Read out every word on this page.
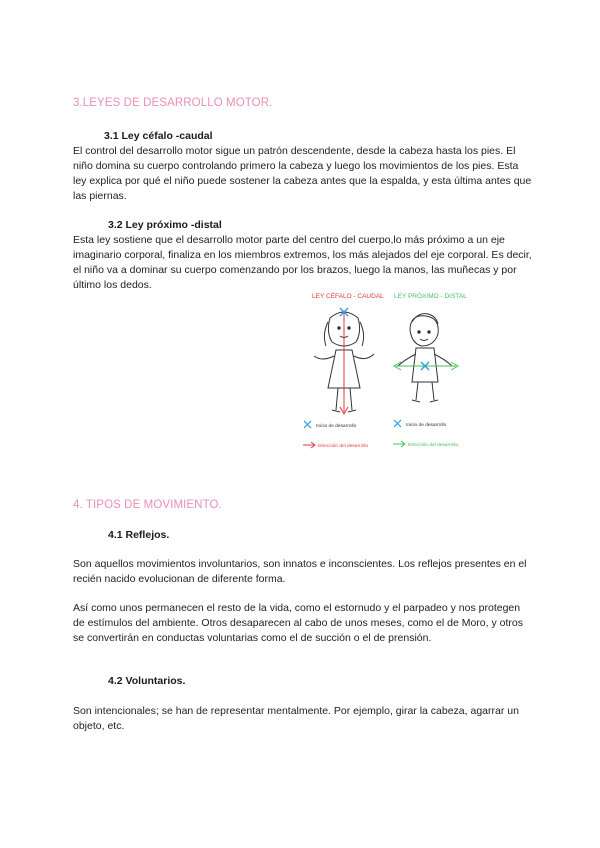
3.LEYES DE DESARROLLO MOTOR.
3.1 Ley céfalo -caudal

El control del desarrollo motor sigue un patrón descendente, desde la cabeza hasta los pies. El niño domina su cuerpo controlando primero la cabeza y luego los movimientos de los pies. Esta ley explica por qué el niño puede sostener la cabeza antes que la espalda, y esta última antes que las piernas.

3.2 Ley próximo -distal

Esta ley sostiene que el desarrollo motor parte del centro del cuerpo,lo más próximo a un eje imaginario corporal, finaliza en los miembros extremos, los más alejados del eje corporal. Es decir, el niño va a dominar su cuerpo comenzando por los brazos, luego la manos, las muñecas y por último los dedos.

LEY CÉFALO - CAUDAL LEY PRÓXIMO - DISTAL
Inicio de desarrollo
Dirección del desarrollo
Inicio de desarrollo
Dirección del desarrollo
4. TIPOS DE MOVIMIENTO.
4.1 Reflejos.

Son aquellos movimientos involuntarios, son innatos e inconscientes. Los reflejos presentes en el recién nacido evolucionan de diferente forma.

Así como unos permanecen el resto de la vida, como el estornudo y el parpadeo y nos protegen de estímulos del ambiente. Otros desaparecen al cabo de unos meses, como el de Moro, y otros se convertirán en conductas voluntarias como el de succión o el de prensión.

4.2 Voluntarios.

Son intencionales; se han de representar mentalmente. Por ejemplo, girar la cabeza, agarrar un objeto, etc.
